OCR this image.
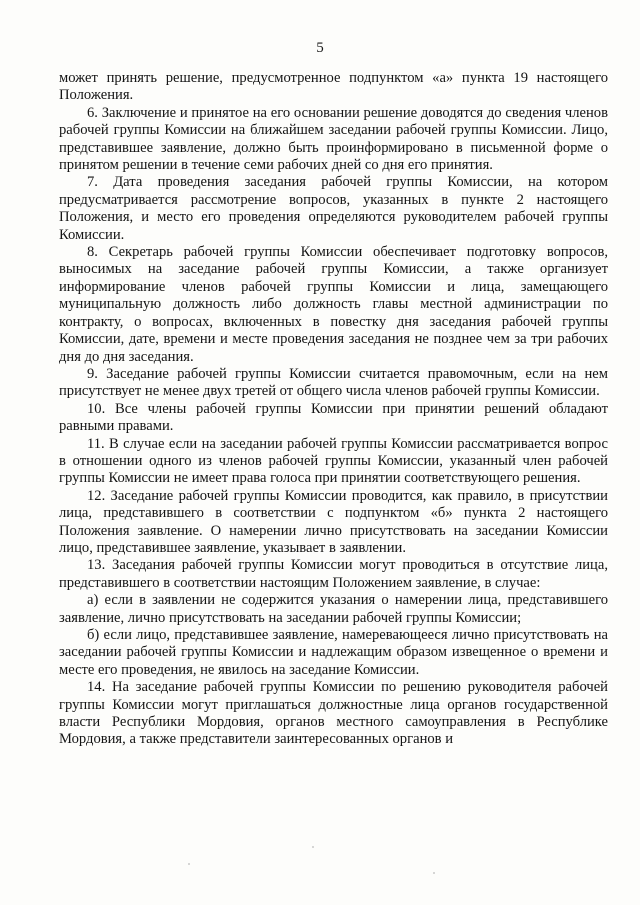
5

может принять решение, предусмотренное подпунктом «а» пункта 19 настоящего Положения.

6. Заключение и принятое на его основании решение доводятся до сведения членов рабочей группы Комиссии на ближайшем заседании рабочей группы Комиссии. Лицо, представившее заявление, должно быть проинформировано в письменной форме о принятом решении в течение семи рабочих дней со дня его принятия.

7. Дата проведения заседания рабочей группы Комиссии, на котором предусматривается рассмотрение вопросов, указанных в пункте 2 настоящего Положения, и место его проведения определяются руководителем рабочей группы Комиссии.

8. Секретарь рабочей группы Комиссии обеспечивает подготовку вопросов, выносимых на заседание рабочей группы Комиссии, а также организует информирование членов рабочей группы Комиссии и лица, замещающего муниципальную должность либо должность главы местной администрации по контракту, о вопросах, включенных в повестку дня заседания рабочей группы Комиссии, дате, времени и месте проведения заседания не позднее чем за три рабочих дня до дня заседания.

9. Заседание рабочей группы Комиссии считается правомочным, если на нем присутствует не менее двух третей от общего числа членов рабочей группы Комиссии.

10. Все члены рабочей группы Комиссии при принятии решений обладают равными правами.

11. В случае если на заседании рабочей группы Комиссии рассматривается вопрос в отношении одного из членов рабочей группы Комиссии, указанный член рабочей группы Комиссии не имеет права голоса при принятии соответствующего решения.

12. Заседание рабочей группы Комиссии проводится, как правило, в присутствии лица, представившего в соответствии с подпунктом «б» пункта 2 настоящего Положения заявление. О намерении лично присутствовать на заседании Комиссии лицо, представившее заявление, указывает в заявлении.

13. Заседания рабочей группы Комиссии могут проводиться в отсутствие лица, представившего в соответствии настоящим Положением заявление, в случае:

а) если в заявлении не содержится указания о намерении лица, представившего заявление, лично присутствовать на заседании рабочей группы Комиссии;

б) если лицо, представившее заявление, намеревающееся лично присутствовать на заседании рабочей группы Комиссии и надлежащим образом извещенное о времени и месте его проведения, не явилось на заседание Комиссии.

14. На заседание рабочей группы Комиссии по решению руководителя рабочей группы Комиссии могут приглашаться должностные лица органов государственной власти Республики Мордовия, органов местного самоуправления в Республике Мордовия, а также представители заинтересованных органов и
